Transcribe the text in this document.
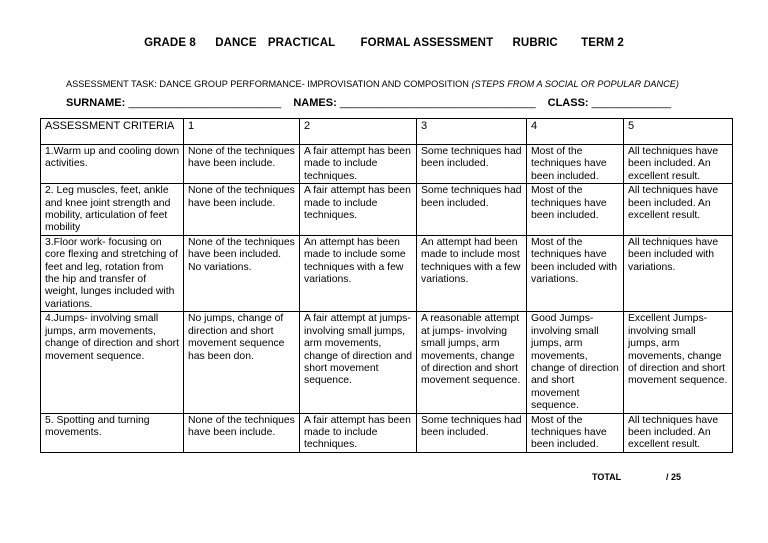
GRADE 8 DANCE PRACTICAL FORMAL ASSESSMENT RUBRIC TERM 2
ASSESSMENT TASK: DANCE GROUP PERFORMANCE- IMPROVISATION AND COMPOSITION (STEPS FROM A SOCIAL OR POPULAR DANCE)
SURNAME: _________________________ NAMES: ________________________________ CLASS: _____________
ASSESSMENT CRITERIA	1	2	3	4	5
1.Warm up and cooling down activities.	None of the techniques have been include.	A fair attempt has been made to include techniques.	Some techniques had been included.	Most of the techniques have been included.	All techniques have been included. An excellent result.
2. Leg muscles, feet, ankle and knee joint strength and mobility, articulation of feet mobility	None of the techniques have been include.	A fair attempt has been made to include techniques.	Some techniques had been included.	Most of the techniques have been included.	All techniques have been included. An excellent result.
3.Floor work- focusing on core flexing and stretching of feet and leg, rotation from the hip and transfer of weight, lunges included with variations.	None of the techniques have been included. No variations.	An attempt has been made to include some techniques with a few variations.	An attempt had been made to include most techniques with a few variations.	Most of the techniques have been included with variations.	All techniques have been included with variations.
4.Jumps- involving small jumps, arm movements, change of direction and short movement sequence.	No jumps, change of direction and short movement sequence has been don.	A fair attempt at jumps- involving small jumps, arm movements, change of direction and short movement sequence.	A reasonable attempt at jumps- involving small jumps, arm movements, change of direction and short movement sequence.	Good Jumps- involving small jumps, arm movements, change of direction and short movement sequence.	Excellent Jumps- involving small jumps, arm movements, change of direction and short movement sequence.
5. Spotting and turning movements.	None of the techniques have been include.	A fair attempt has been made to include techniques.	Some techniques had been included.	Most of the techniques have been included.	All techniques have been included. An excellent result.
TOTAL	/ 25
